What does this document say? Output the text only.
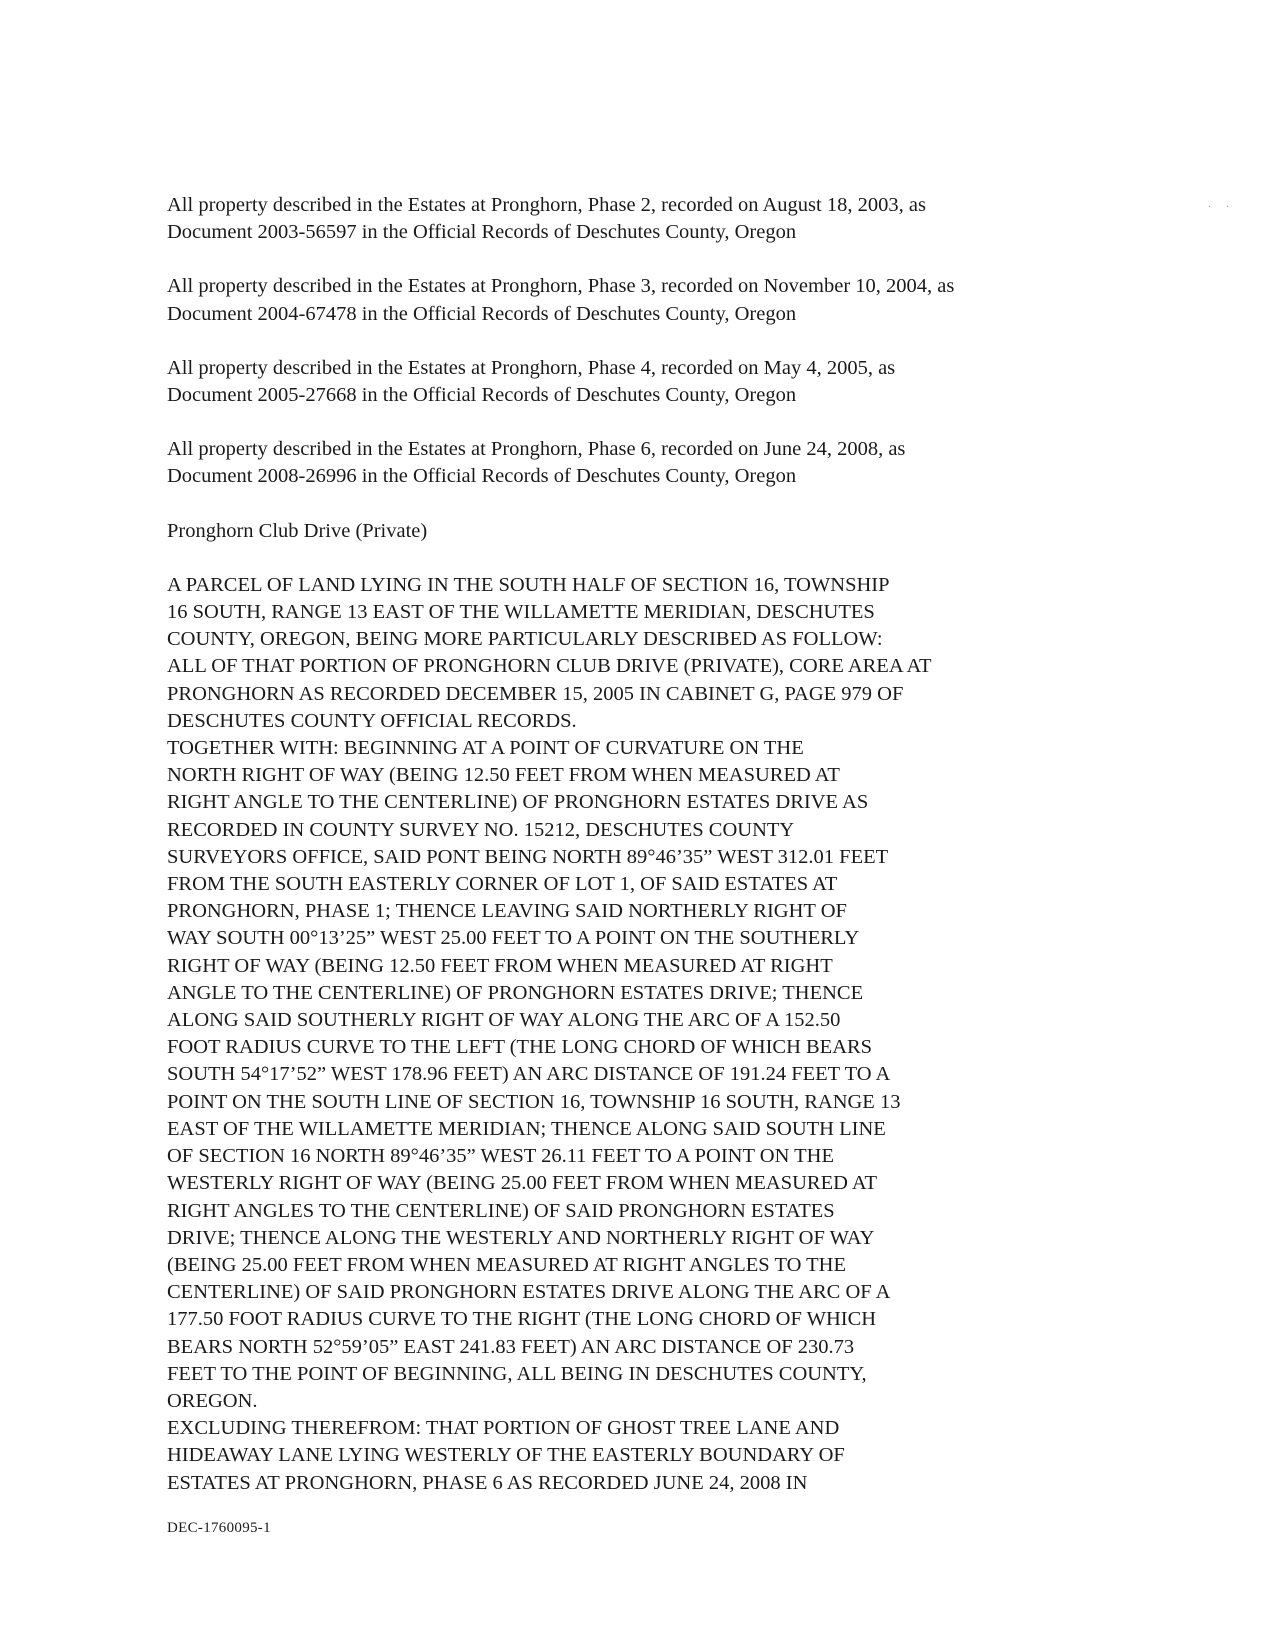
. .
All property described in the Estates at Pronghorn, Phase 2, recorded on August 18, 2003, as
Document 2003-56597 in the Official Records of Deschutes County, Oregon
All property described in the Estates at Pronghorn, Phase 3, recorded on November 10, 2004, as
Document 2004-67478 in the Official Records of Deschutes County, Oregon
All property described in the Estates at Pronghorn, Phase 4, recorded on May 4, 2005, as
Document 2005-27668 in the Official Records of Deschutes County, Oregon
All property described in the Estates at Pronghorn, Phase 6, recorded on June 24, 2008, as
Document 2008-26996 in the Official Records of Deschutes County, Oregon
Pronghorn Club Drive (Private)
A PARCEL OF LAND LYING IN THE SOUTH HALF OF SECTION 16, TOWNSHIP
16 SOUTH, RANGE 13 EAST OF THE WILLAMETTE MERIDIAN, DESCHUTES
COUNTY, OREGON, BEING MORE PARTICULARLY DESCRIBED AS FOLLOW:
ALL OF THAT PORTION OF PRONGHORN CLUB DRIVE (PRIVATE), CORE AREA AT
PRONGHORN AS RECORDED DECEMBER 15, 2005 IN CABINET G, PAGE 979 OF
DESCHUTES COUNTY OFFICIAL RECORDS.
TOGETHER WITH: BEGINNING AT A POINT OF CURVATURE ON THE
NORTH RIGHT OF WAY (BEING 12.50 FEET FROM WHEN MEASURED AT
RIGHT ANGLE TO THE CENTERLINE) OF PRONGHORN ESTATES DRIVE AS
RECORDED IN COUNTY SURVEY NO. 15212, DESCHUTES COUNTY
SURVEYORS OFFICE, SAID PONT BEING NORTH 89°46’35” WEST 312.01 FEET
FROM THE SOUTH EASTERLY CORNER OF LOT 1, OF SAID ESTATES AT
PRONGHORN, PHASE 1; THENCE LEAVING SAID NORTHERLY RIGHT OF
WAY SOUTH 00°13’25” WEST 25.00 FEET TO A POINT ON THE SOUTHERLY
RIGHT OF WAY (BEING 12.50 FEET FROM WHEN MEASURED AT RIGHT
ANGLE TO THE CENTERLINE) OF PRONGHORN ESTATES DRIVE; THENCE
ALONG SAID SOUTHERLY RIGHT OF WAY ALONG THE ARC OF A 152.50
FOOT RADIUS CURVE TO THE LEFT (THE LONG CHORD OF WHICH BEARS
SOUTH 54°17’52” WEST 178.96 FEET) AN ARC DISTANCE OF 191.24 FEET TO A
POINT ON THE SOUTH LINE OF SECTION 16, TOWNSHIP 16 SOUTH, RANGE 13
EAST OF THE WILLAMETTE MERIDIAN; THENCE ALONG SAID SOUTH LINE
OF SECTION 16 NORTH 89°46’35” WEST 26.11 FEET TO A POINT ON THE
WESTERLY RIGHT OF WAY (BEING 25.00 FEET FROM WHEN MEASURED AT
RIGHT ANGLES TO THE CENTERLINE) OF SAID PRONGHORN ESTATES
DRIVE; THENCE ALONG THE WESTERLY AND NORTHERLY RIGHT OF WAY
(BEING 25.00 FEET FROM WHEN MEASURED AT RIGHT ANGLES TO THE
CENTERLINE) OF SAID PRONGHORN ESTATES DRIVE ALONG THE ARC OF A
177.50 FOOT RADIUS CURVE TO THE RIGHT (THE LONG CHORD OF WHICH
BEARS NORTH 52°59’05” EAST 241.83 FEET) AN ARC DISTANCE OF 230.73
FEET TO THE POINT OF BEGINNING, ALL BEING IN DESCHUTES COUNTY,
OREGON.
EXCLUDING THEREFROM: THAT PORTION OF GHOST TREE LANE AND
HIDEAWAY LANE LYING WESTERLY OF THE EASTERLY BOUNDARY OF
ESTATES AT PRONGHORN, PHASE 6 AS RECORDED JUNE 24, 2008 IN
DEC-1760095-1
